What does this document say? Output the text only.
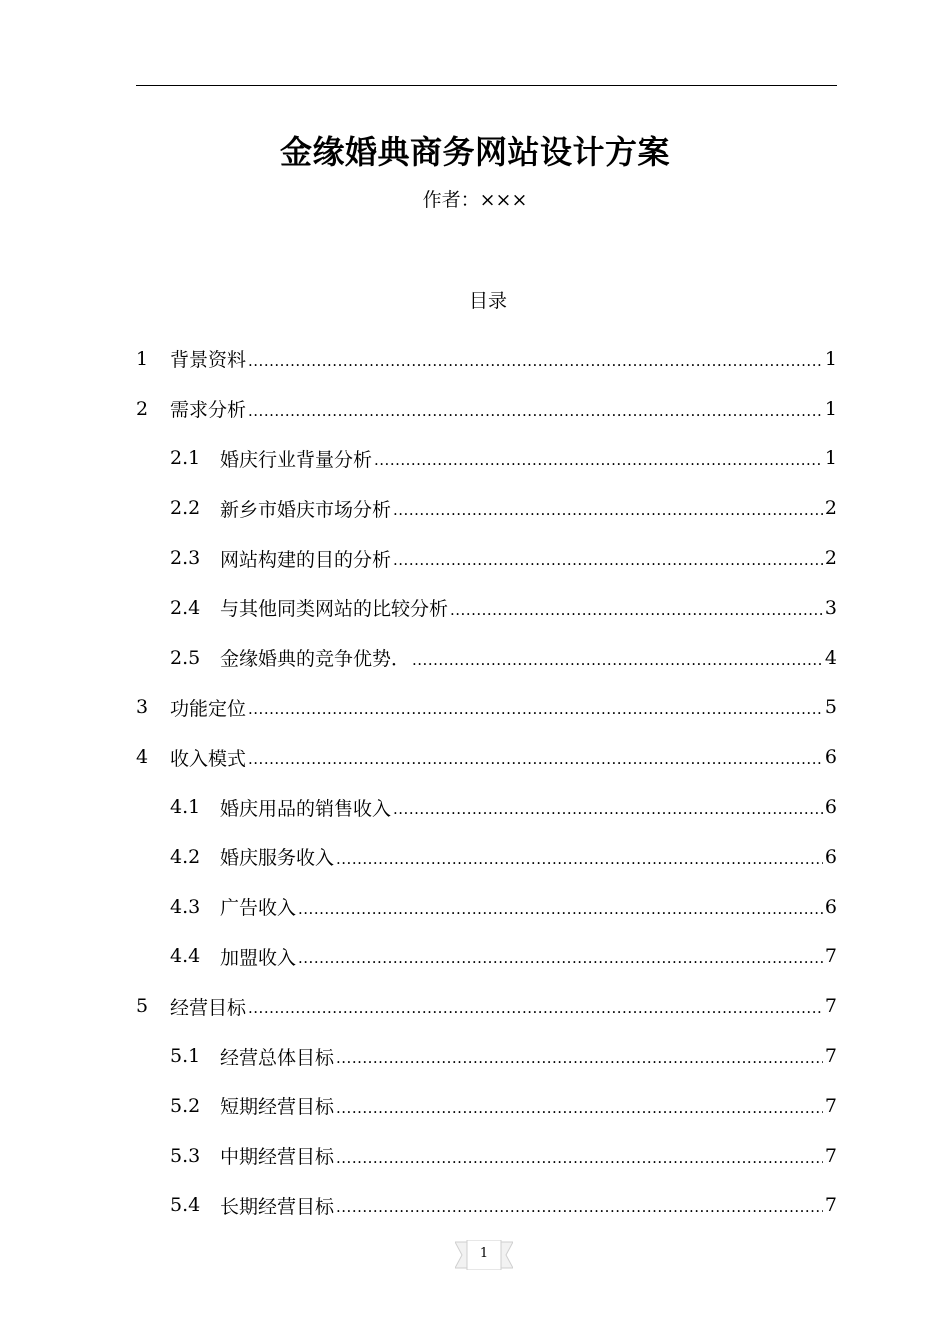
金缘婚典商务网站设计方案
作者：×××
目录
1	背景资料 .....	1
2	需求分析 .....	1
2.1	婚庆行业背量分析 .....	1
2.2	新乡市婚庆市场分析 .....	2
2.3	网站构建的目的分析 .....	2
2.4	与其他同类网站的比较分析 .....	3
2.5	金缘婚典的竞争优势． .....	4
3	功能定位 .....	5
4	收入模式 .....	6
4.1	婚庆用品的销售收入 .....	6
4.2	婚庆服务收入 .....	6
4.3	广告收入 .....	6
4.4	加盟收入 .....	7
5	经营目标 .....	7
5.1	经营总体目标 .....	7
5.2	短期经营目标 .....	7
5.3	中期经营目标 .....	7
5.4	长期经营目标 .....	7
1
